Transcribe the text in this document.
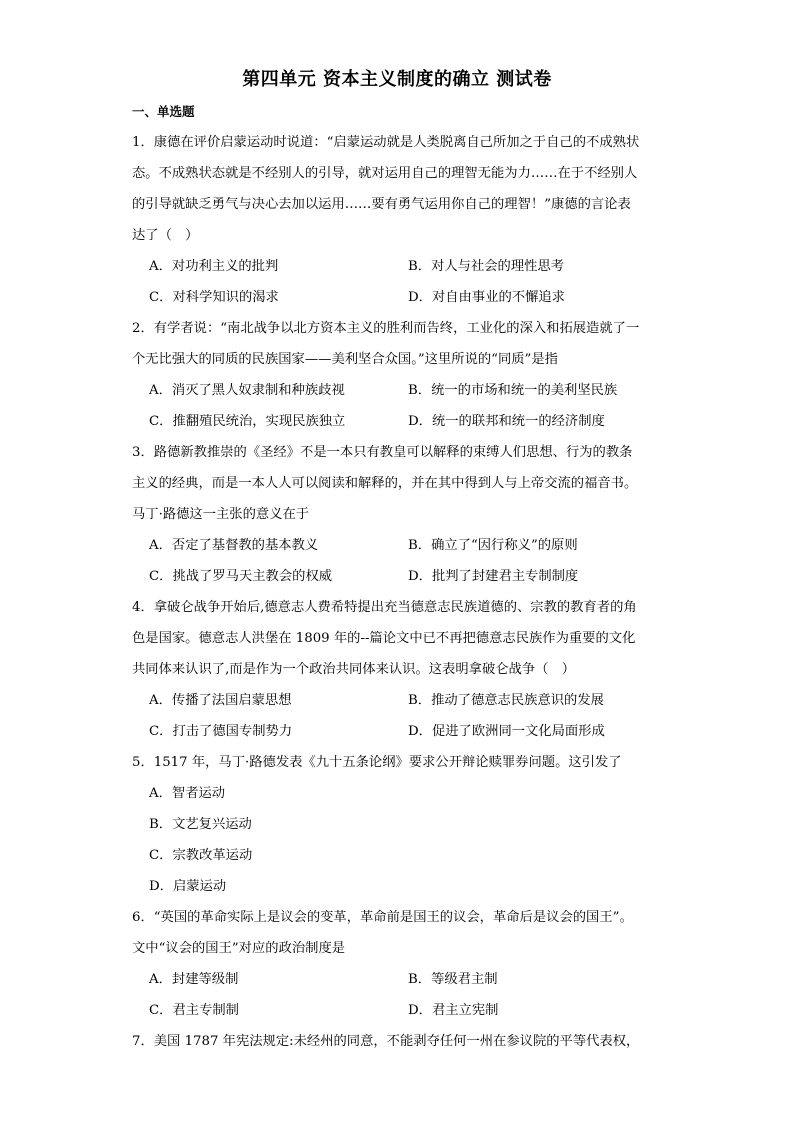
第四单元 资本主义制度的确立 测试卷
一、单选题
1．康德在评价启蒙运动时说道：“启蒙运动就是人类脱离自己所加之于自己的不成熟状
态。不成熟状态就是不经别人的引导，就对运用自己的理智无能为力……在于不经别人
的引导就缺乏勇气与决心去加以运用……要有勇气运用你自己的理智！”康德的言论表
达了（　）
A．对功利主义的批判	B．对人与社会的理性思考
C．对科学知识的渴求	D．对自由事业的不懈追求
2．有学者说：“南北战争以北方资本主义的胜利而告终，工业化的深入和拓展造就了一
个无比强大的同质的民族国家——美利坚合众国。”这里所说的“同质”是指
A．消灭了黑人奴隶制和种族歧视	B．统一的市场和统一的美利坚民族
C．推翻殖民统治，实现民族独立	D．统一的联邦和统一的经济制度
3．路德新教推崇的《圣经》不是一本只有教皇可以解释的束缚人们思想、行为的教条
主义的经典，而是一本人人可以阅读和解释的，并在其中得到人与上帝交流的福音书。
马丁·路德这一主张的意义在于
A．否定了基督教的基本教义	B．确立了“因行称义”的原则
C．挑战了罗马天主教会的权威	D．批判了封建君主专制制度
4．拿破仑战争开始后,德意志人费希特提出充当德意志民族道德的、宗教的教育者的角
色是国家。德意志人洪堡在 1809 年的--篇论文中已不再把德意志民族作为重要的文化
共同体来认识了,而是作为一个政治共同体来认识。这表明拿破仑战争（　）
A．传播了法国启蒙思想	B．推动了德意志民族意识的发展
C．打击了德国专制势力	D．促进了欧洲同一文化局面形成
5．1517 年，马丁·路德发表《九十五条论纲》要求公开辩论赎罪券问题。这引发了
A．智者运动
B．文艺复兴运动
C．宗教改革运动
D．启蒙运动
6．“英国的革命实际上是议会的变革，革命前是国王的议会，革命后是议会的国王”。
文中“议会的国王”对应的政治制度是
A．封建等级制	B．等级君主制
C．君主专制制	D．君主立宪制
7．美国 1787 年宪法规定:未经州的同意，不能剥夺任何一州在参议院的平等代表权，
